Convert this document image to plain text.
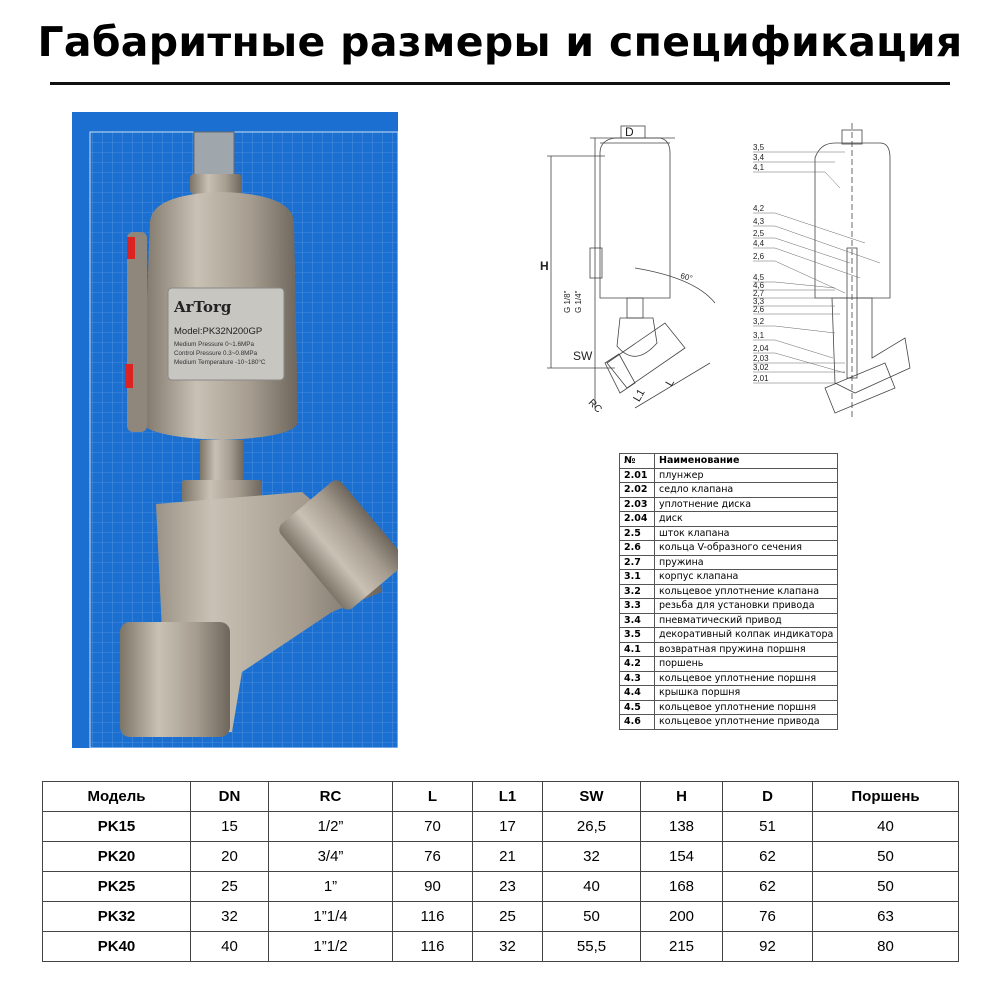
Габаритные размеры и спецификация
ArTorg
Model:PK32N200GP
Medium Pressure 0~1.6MPa
Control Pressure 0.3~0.8MPa
Medium Temperature -10~180°C
D
H
SW
RC
L1
L
G 1/8" G 1/4"
60°
3,5
3,4
4,1
4,2
4,3
2,5
4,4
2,6
4,5
4,6
2,7
3,3
2,6
3,2
3,1
2,04
2,03
3,02
2,01
№	Наименование
2.01	плунжер
2.02	седло клапана
2.03	уплотнение диска
2.04	диск
2.5	шток клапана
2.6	кольца V-образного сечения
2.7	пружина
3.1	корпус клапана
3.2	кольцевое уплотнение клапана
3.3	резьба для установки привода
3.4	пневматический привод
3.5	декоративный колпак индикатора
4.1	возвратная пружина поршня
4.2	поршень
4.3	кольцевое уплотнение поршня
4.4	крышка поршня
4.5	кольцевое уплотнение поршня
4.6	кольцевое уплотнение привода
Модель	DN	RC	L	L1	SW	H	D	Поршень
PK15	15	1/2”	70	17	26,5	138	51	40
PK20	20	3/4”	76	21	32	154	62	50
PK25	25	1”	90	23	40	168	62	50
PK32	32	1”1/4	116	25	50	200	76	63
PK40	40	1”1/2	116	32	55,5	215	92	80
